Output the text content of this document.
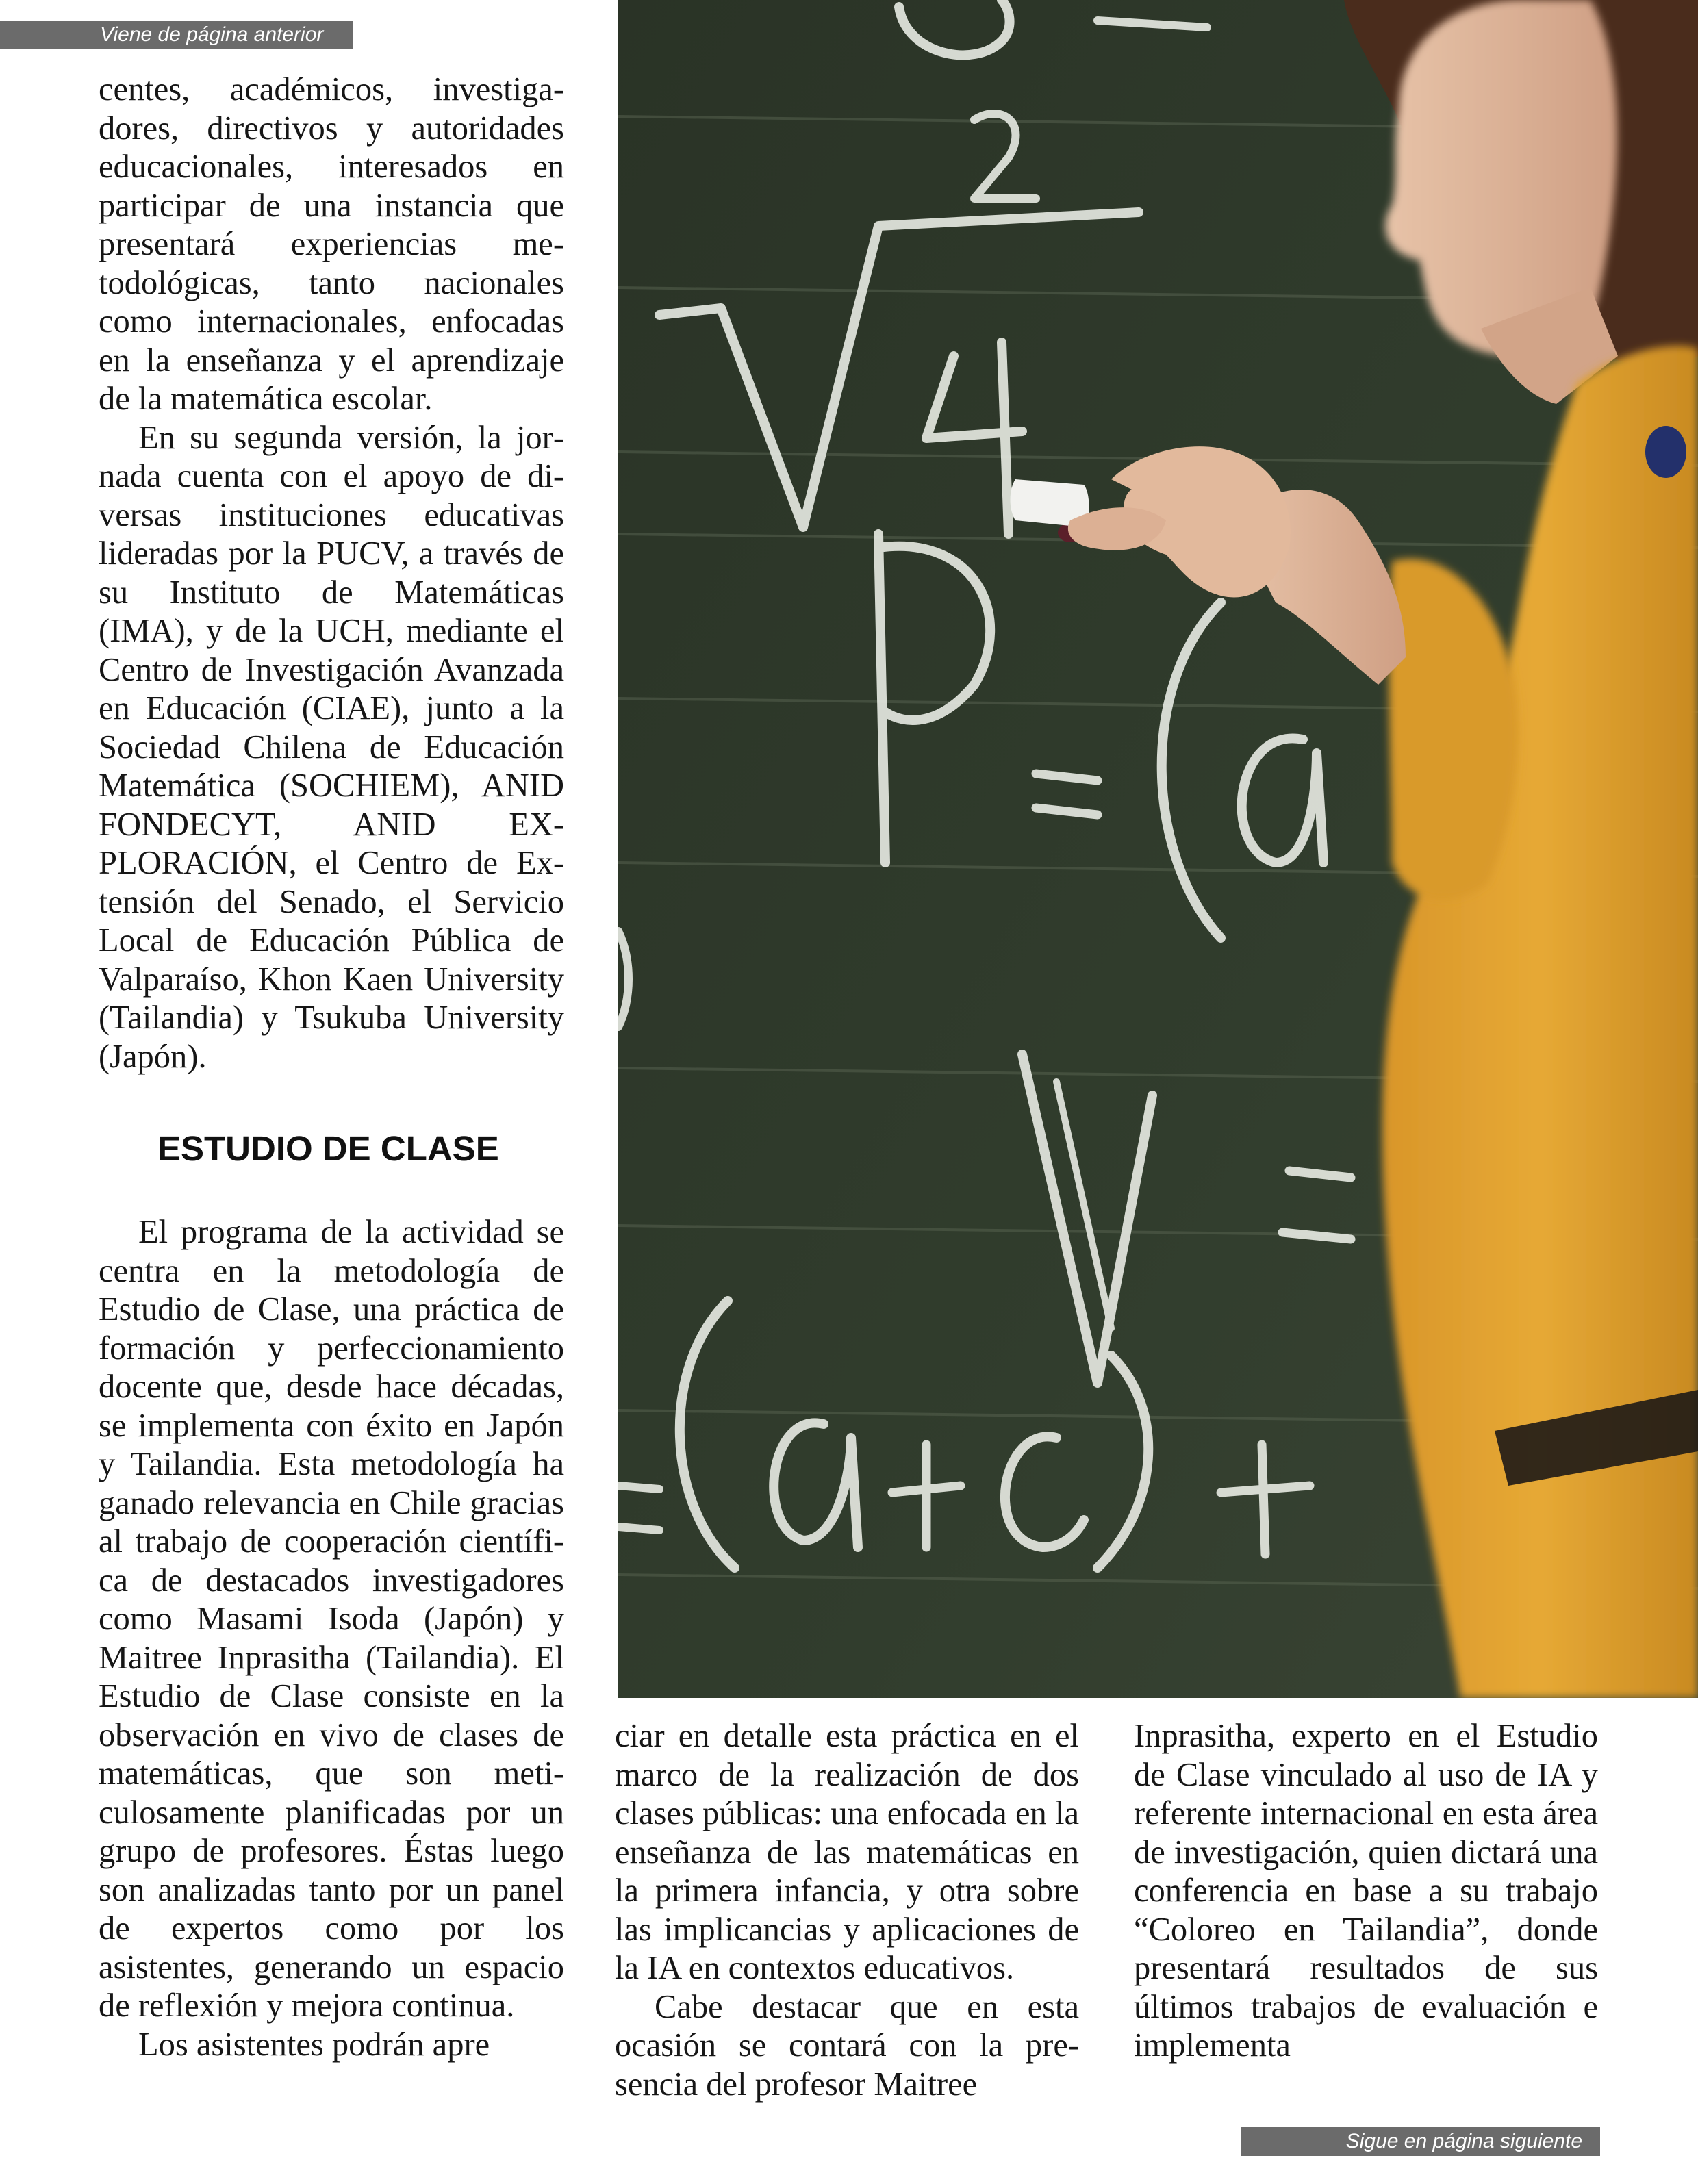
Viene de página anterior

centes, académicos, investigadores, directivos y autoridades educacionales, interesados en participar de una instancia que presentará experiencias metodológicas, tanto nacionales como internacionales, enfocadas en la enseñanza y el aprendizaje de la matemática escolar.

En su segunda versión, la jornada cuenta con el apoyo de diversas instituciones educativas lideradas por la PUCV, a través de su Instituto de Matemáticas (IMA), y de la UCH, mediante el Centro de Investigación Avanzada en Educación (CIAE), junto a la Sociedad Chilena de Educación Matemática (SOCHIEM), ANID FONDECYT, ANID EXPLORACIÓN, el Centro de Extensión del Senado, el Servicio Local de Educación Pública de Valparaíso, Khon Kaen University (Tailandia) y Tsukuba University (Japón).

ESTUDIO DE CLASE

El programa de la actividad se centra en la metodología de Estudio de Clase, una práctica de formación y perfeccionamiento docente que, desde hace décadas, se implementa con éxito en Japón y Tailandia. Esta metodología ha ganado relevancia en Chile gracias al trabajo de cooperación científica de destacados investigadores como Masami Isoda (Japón) y Maitree Inprasitha (Tailandia). El Estudio de Clase consiste en la observación en vivo de clases de matemáticas, que son meticulosamente planificadas por un grupo de profesores. Éstas luego son analizadas tanto por un panel de expertos como por los asistentes, generando un espacio de reflexión y mejora continua.

Los asistentes podrán apre

ciar en detalle esta práctica en el marco de la realización de dos clases públicas: una enfocada en la enseñanza de las matemáticas en la primera infancia, y otra sobre las implicancias y aplicaciones de la IA en contextos educativos.

Cabe destacar que en esta ocasión se contará con la presencia del profesor Maitree

Inprasitha, experto en el Estudio de Clase vinculado al uso de IA y referente internacional en esta área de investigación, quien dictará una conferencia en base a su trabajo “Coloreo en Tailandia”, donde presentará resultados de sus últimos trabajos de evaluación e implementa

Sigue en página siguiente
